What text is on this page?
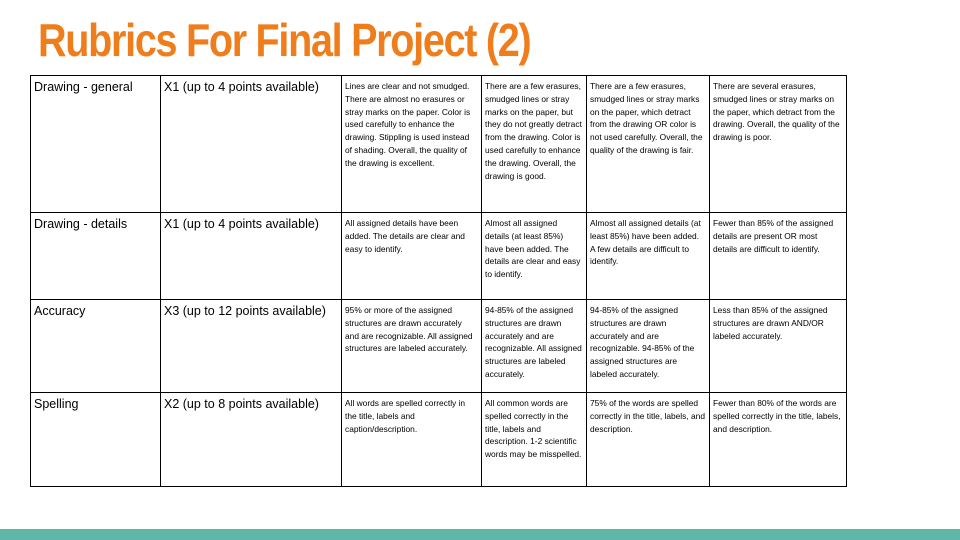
Rubrics For Final Project (2)
Drawing - general	X1 (up to 4 points available)	Lines are clear and not smudged. There are almost no erasures or stray marks on the paper. Color is used carefully to enhance the drawing. Stippling is used instead of shading. Overall, the quality of the drawing is excellent.	There are a few erasures, smudged lines or stray marks on the paper, but they do not greatly detract from the drawing. Color is used carefully to enhance the drawing. Overall, the drawing is good.	There are a few erasures, smudged lines or stray marks on the paper, which detract from the drawing OR color is not used carefully. Overall, the quality of the drawing is fair.	There are several erasures, smudged lines or stray marks on the paper, which detract from the drawing. Overall, the quality of the drawing is poor.
Drawing - details	X1 (up to 4 points available)	All assigned details have been added. The details are clear and easy to identify.	Almost all assigned details (at least 85%) have been added. The details are clear and easy to identify.	Almost all assigned details (at least 85%) have been added. A few details are difficult to identify.	Fewer than 85% of the assigned details are present OR most details are difficult to identify.
Accuracy	X3 (up to 12 points available)	95% or more of the assigned structures are drawn accurately and are recognizable. All assigned structures are labeled accurately.	94-85% of the assigned structures are drawn accurately and are recognizable. All assigned structures are labeled accurately.	94-85% of the assigned structures are drawn accurately and are recognizable. 94-85% of the assigned structures are labeled accurately.	Less than 85% of the assigned structures are drawn AND/OR labeled accurately.
Spelling	X2 (up to 8 points available)	All words are spelled correctly in the title, labels and caption/description.	All common words are spelled correctly in the title, labels and description. 1-2 scientific words may be misspelled.	75% of the words are spelled correctly in the title, labels, and description.	Fewer than 80% of the words are spelled correctly in the title, labels, and description.
